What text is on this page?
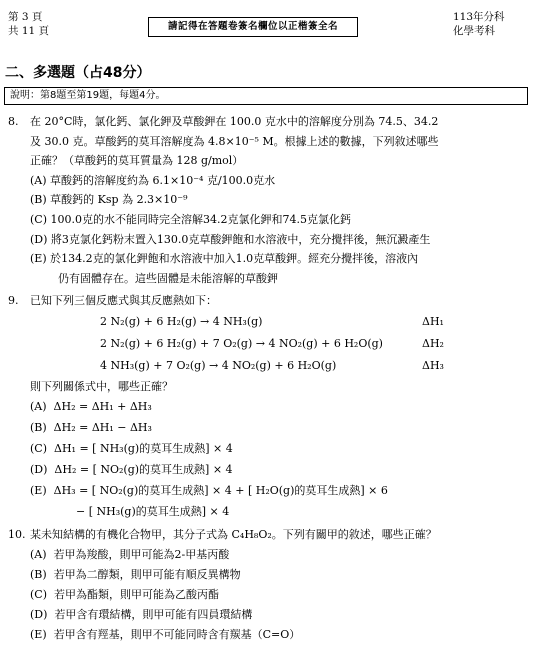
第 3 頁
共 11 頁	請記得在答題卷簽名欄位以正楷簽全名
113年分科
化學考科
二、多選題（占48分）
說明：第8題至第19題，每題4分。
8. 在 20°C時，氯化鈣、氯化鉀及草酸鉀在 100.0 克水中的溶解度分別為 74.5、34.2
及 30.0 克。草酸鈣的莫耳溶解度為 4.8×10⁻⁵ M。根據上述的數據，下列敘述哪些
正確？（草酸鈣的莫耳質量為 128 g/mol）
(A) 草酸鈣的溶解度約為 6.1×10⁻⁴ 克/100.0克水
(B) 草酸鈣的 Ksp 為 2.3×10⁻⁹
(C) 100.0克的水不能同時完全溶解34.2克氯化鉀和74.5克氯化鈣
(D) 將3克氯化鈣粉末置入130.0克草酸鉀飽和水溶液中，充分攪拌後，無沉澱產生
(E) 於134.2克的氯化鉀飽和水溶液中加入1.0克草酸鉀。經充分攪拌後，溶液內
仍有固體存在。這些固體是未能溶解的草酸鉀
9. 已知下列三個反應式與其反應熱如下：
2 N₂(g) + 6 H₂(g) → 4 NH₃(g)	ΔH₁
2 N₂(g) + 6 H₂(g) + 7 O₂(g) → 4 NO₂(g) + 6 H₂O(g)	ΔH₂
4 NH₃(g) + 7 O₂(g) → 4 NO₂(g) + 6 H₂O(g)	ΔH₃
則下列關係式中，哪些正確？
(A) ΔH₂ = ΔH₁ + ΔH₃
(B) ΔH₂ = ΔH₁ − ΔH₃
(C) ΔH₁ = [ NH₃(g)的莫耳生成熱] × 4
(D) ΔH₂ = [ NO₂(g)的莫耳生成熱] × 4
(E) ΔH₃ = [ NO₂(g)的莫耳生成熱] × 4 + [ H₂O(g)的莫耳生成熱] × 6
− [ NH₃(g)的莫耳生成熱] × 4
10. 某未知結構的有機化合物甲，其分子式為 C₄H₈O₂。下列有關甲的敘述，哪些正確？
(A) 若甲為羧酸，則甲可能為2-甲基丙酸
(B) 若甲為二醇類，則甲可能有順反異構物
(C) 若甲為酯類，則甲可能為乙酸丙酯
(D) 若甲含有環結構，則甲可能有四員環結構
(E) 若甲含有羥基，則甲不可能同時含有羰基（C=O）
